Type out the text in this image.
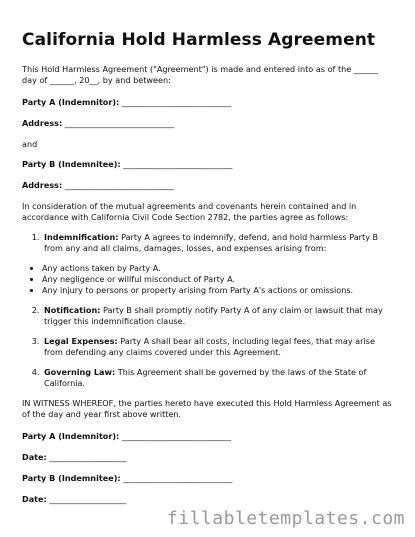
California Hold Harmless Agreement

This Hold Harmless Agreement ("Agreement") is made and entered into as of the ______ day of ______, 20__, by and between:

Party A (Indemnitor): ___________________________
Address: ___________________________

and

Party B (Indemnitee): ___________________________
Address: ___________________________

In consideration of the mutual agreements and covenants herein contained and in accordance with California Civil Code Section 2782, the parties agree as follows:

1. Indemnification: Party A agrees to indemnify, defend, and hold harmless Party B from any and all claims, damages, losses, and expenses arising from:
• Any actions taken by Party A.
• Any negligence or willful misconduct of Party A.
• Any injury to persons or property arising from Party A's actions or omissions.
2. Notification: Party B shall promptly notify Party A of any claim or lawsuit that may trigger this indemnification clause.
3. Legal Expenses: Party A shall bear all costs, including legal fees, that may arise from defending any claims covered under this Agreement.
4. Governing Law: This Agreement shall be governed by the laws of the State of California.

IN WITNESS WHEREOF, the parties hereto have executed this Hold Harmless Agreement as of the day and year first above written.

Party A (Indemnitor): ___________________________
Date: ___________________
Party B (Indemnitee): ___________________________
Date: ___________________
fillabletemplates.com
